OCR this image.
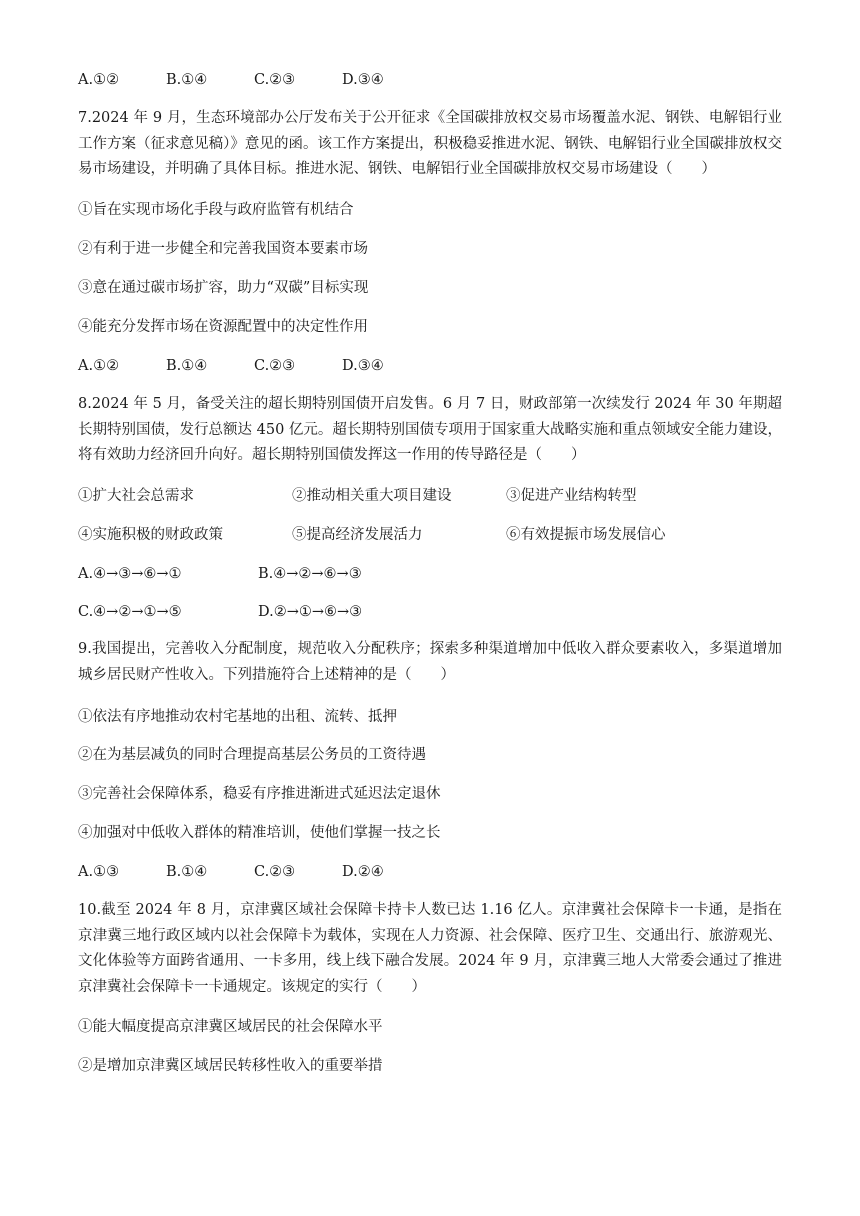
A.①②	B.①④	C.②③	D.③④
7.2024 年 9 月，生态环境部办公厅发布关于公开征求《全国碳排放权交易市场覆盖水泥、钢铁、电解铝行业工作方案（征求意见稿）》意见的函。该工作方案提出，积极稳妥推进水泥、钢铁、电解铝行业全国碳排放权交易市场建设，并明确了具体目标。推进水泥、钢铁、电解铝行业全国碳排放权交易市场建设（　　）
①旨在实现市场化手段与政府监管有机结合
②有利于进一步健全和完善我国资本要素市场
③意在通过碳市场扩容，助力“双碳”目标实现
④能充分发挥市场在资源配置中的决定性作用
A.①②	B.①④	C.②③	D.③④
8.2024 年 5 月，备受关注的超长期特别国债开启发售。6 月 7 日，财政部第一次续发行 2024 年 30 年期超长期特别国债，发行总额达 450 亿元。超长期特别国债专项用于国家重大战略实施和重点领域安全能力建设，将有效助力经济回升向好。超长期特别国债发挥这一作用的传导路径是（　　）
①扩大社会总需求	②推动相关重大项目建设	③促进产业结构转型
④实施积极的财政政策	⑤提高经济发展活力	⑥有效提振市场发展信心
A.④→③→⑥→①	B.④→②→⑥→③
C.④→②→①→⑤	D.②→①→⑥→③
9.我国提出，完善收入分配制度，规范收入分配秩序；探索多种渠道增加中低收入群众要素收入，多渠道增加城乡居民财产性收入。下列措施符合上述精神的是（　　）
①依法有序地推动农村宅基地的出租、流转、抵押
②在为基层减负的同时合理提高基层公务员的工资待遇
③完善社会保障体系，稳妥有序推进渐进式延迟法定退休
④加强对中低收入群体的精准培训，使他们掌握一技之长
A.①③	B.①④	C.②③	D.②④
10.截至 2024 年 8 月，京津冀区域社会保障卡持卡人数已达 1.16 亿人。京津冀社会保障卡一卡通，是指在京津冀三地行政区域内以社会保障卡为载体，实现在人力资源、社会保障、医疗卫生、交通出行、旅游观光、文化体验等方面跨省通用、一卡多用，线上线下融合发展。2024 年 9 月，京津冀三地人大常委会通过了推进京津冀社会保障卡一卡通规定。该规定的实行（　　）
①能大幅度提高京津冀区域居民的社会保障水平
②是增加京津冀区域居民转移性收入的重要举措
